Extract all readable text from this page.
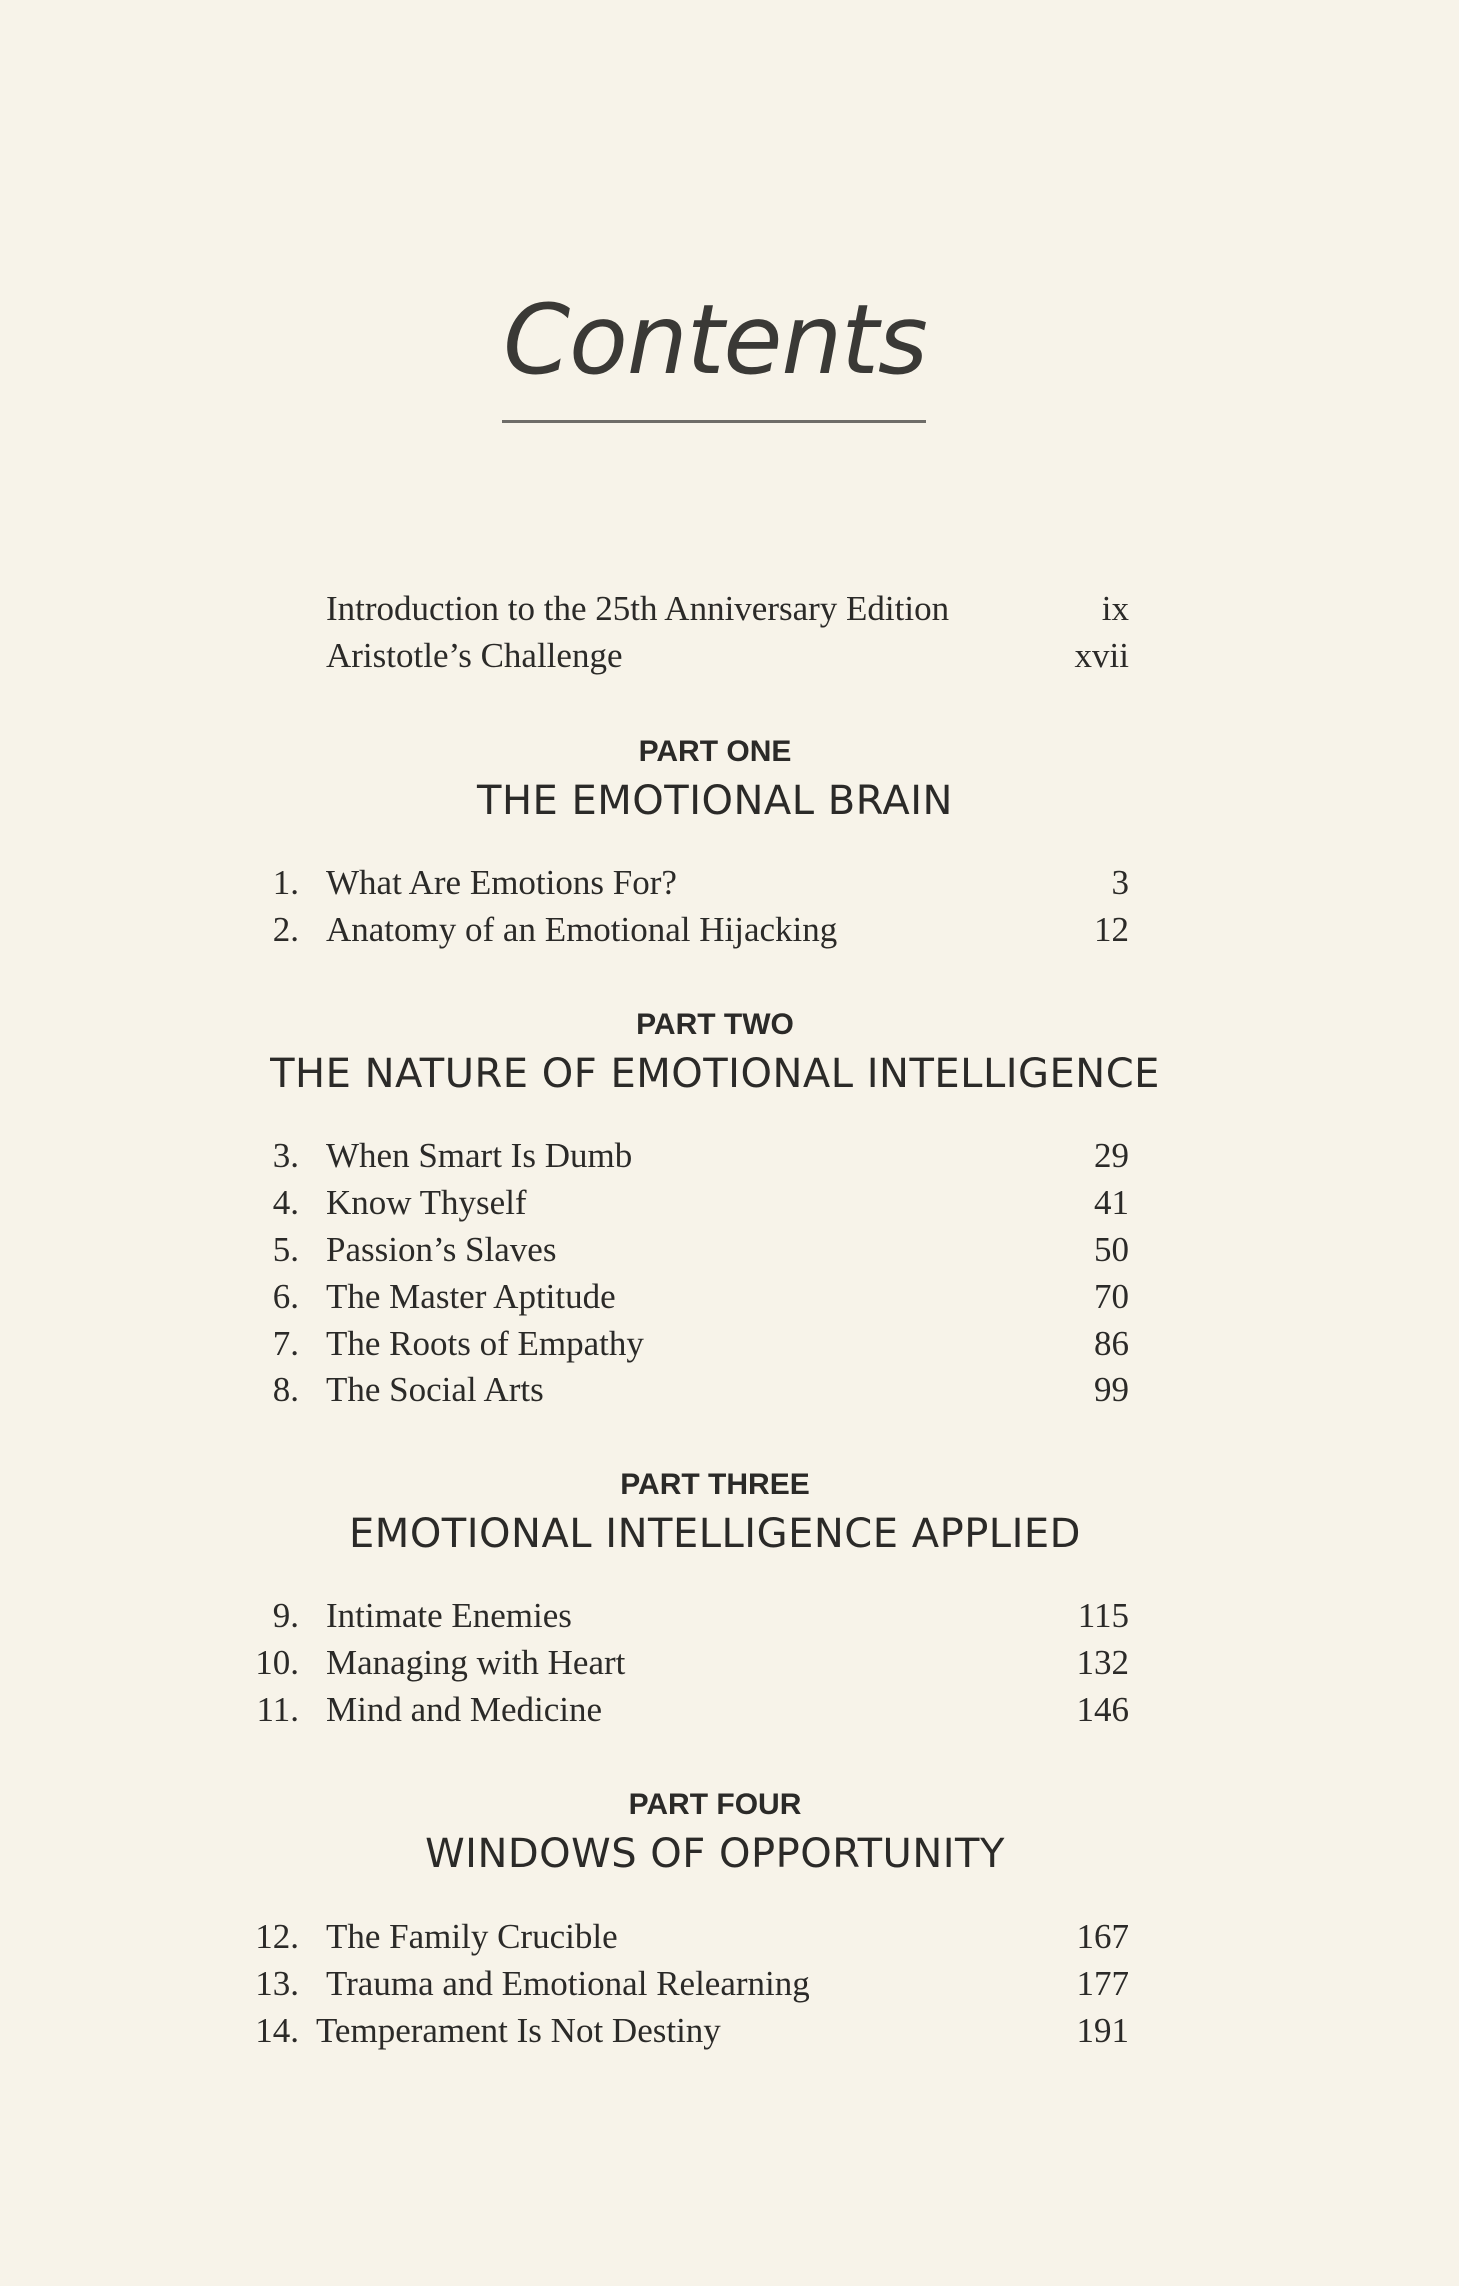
Contents
Introduction to the 25th Anniversary Edition	ix
Aristotle’s Challenge	xvii
PART ONE
THE EMOTIONAL BRAIN
1. What Are Emotions For?	3
2. Anatomy of an Emotional Hijacking	12
PART TWO
THE NATURE OF EMOTIONAL INTELLIGENCE
3. When Smart Is Dumb	29
4. Know Thyself	41
5. Passion’s Slaves	50
6. The Master Aptitude	70
7. The Roots of Empathy	86
8. The Social Arts	99
PART THREE
EMOTIONAL INTELLIGENCE APPLIED
9. Intimate Enemies	115
10. Managing with Heart	132
11. Mind and Medicine	146
PART FOUR
WINDOWS OF OPPORTUNITY
12. The Family Crucible	167
13. Trauma and Emotional Relearning	177
14. Temperament Is Not Destiny	191
